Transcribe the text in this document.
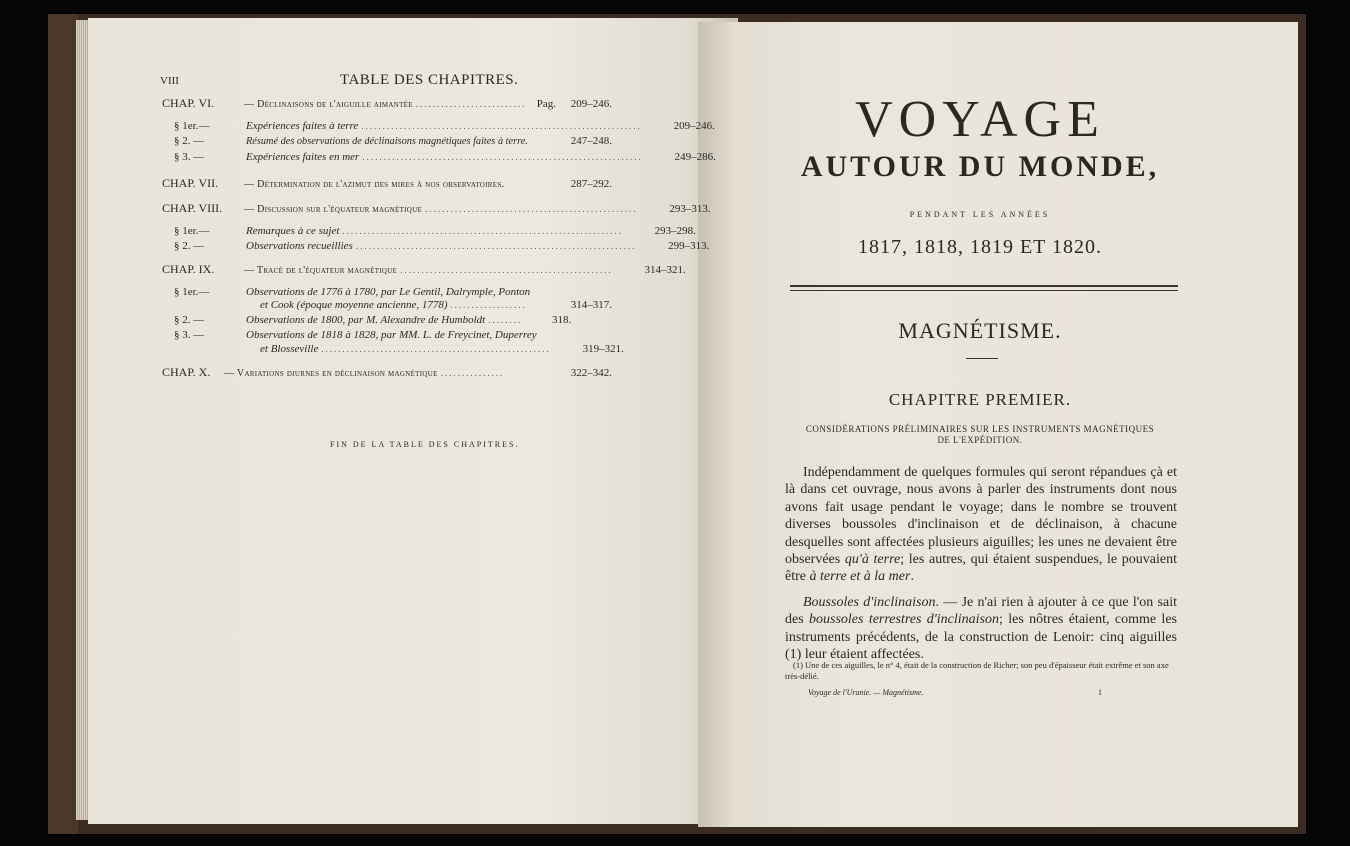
VIII	TABLE DES CHAPITRES.
CHAP. VI.	— Déclinaisons de l'aiguille aimantée .......................... Pag.	209–246.
§ 1er.—	Expériences faites à terre ..................................................................	209–246.
§ 2. —	Résumé des observations de déclinaisons magnétiques faites à terre.	247–248.
§ 3. —	Expériences faites en mer ..................................................................	249–286.
CHAP. VII.	— Détermination de l'azimut des mires à nos observatoires.	287–292.
CHAP. VIII.	— Discussion sur l'équateur magnétique ..................................................	293–313.
§ 1er.—	Remarques à ce sujet ..................................................................	293–298.
§ 2. —	Observations recueillies ..................................................................	299–313.
CHAP. IX.	— Tracé de l'équateur magnétique ..................................................	314–321.
§ 1er.—	Observations de 1776 à 1780, par Le Gentil, Dalrymple, Ponton
et Cook (époque moyenne ancienne, 1778) ..................	314–317.
§ 2. —	Observations de 1800, par M. Alexandre de Humboldt ........	318.
§ 3. —	Observations de 1818 à 1828, par MM. L. de Freycinet, Duperrey
et Blosseville ......................................................	319–321.
CHAP. X.	— Variations diurnes en déclinaison magnétique ...............	322–342.
FIN DE LA TABLE DES CHAPITRES.
VOYAGE
AUTOUR DU MONDE,
PENDANT LES ANNÉES
1817, 1818, 1819 ET 1820.
MAGNÉTISME.
CHAPITRE PREMIER.
CONSIDÉRATIONS PRÉLIMINAIRES SUR LES INSTRUMENTS MAGNÉTIQUES
DE L'EXPÉDITION.

Indépendamment de quelques formules qui seront répandues çà et là dans cet ouvrage, nous avons à parler des instruments dont nous avons fait usage pendant le voyage; dans le nombre se trouvent diverses boussoles d'inclinaison et de déclinaison, à chacune desquelles sont affectées plusieurs aiguilles; les unes ne devaient être observées qu'à terre; les autres, qui étaient suspendues, le pouvaient être à terre et à la mer.

Boussoles d'inclinaison. — Je n'ai rien à ajouter à ce que l'on sait des boussoles terrestres d'inclinaison; les nôtres étaient, comme les instruments précédents, de la construction de Lenoir: cinq aiguilles (1) leur étaient affectées.

(1) Une de ces aiguilles, le n° 4, était de la construction de Richer; son peu d'épaisseur était extrême et son axe très-délié.
Voyage de l'Uranie. — Magnétisme.	1
